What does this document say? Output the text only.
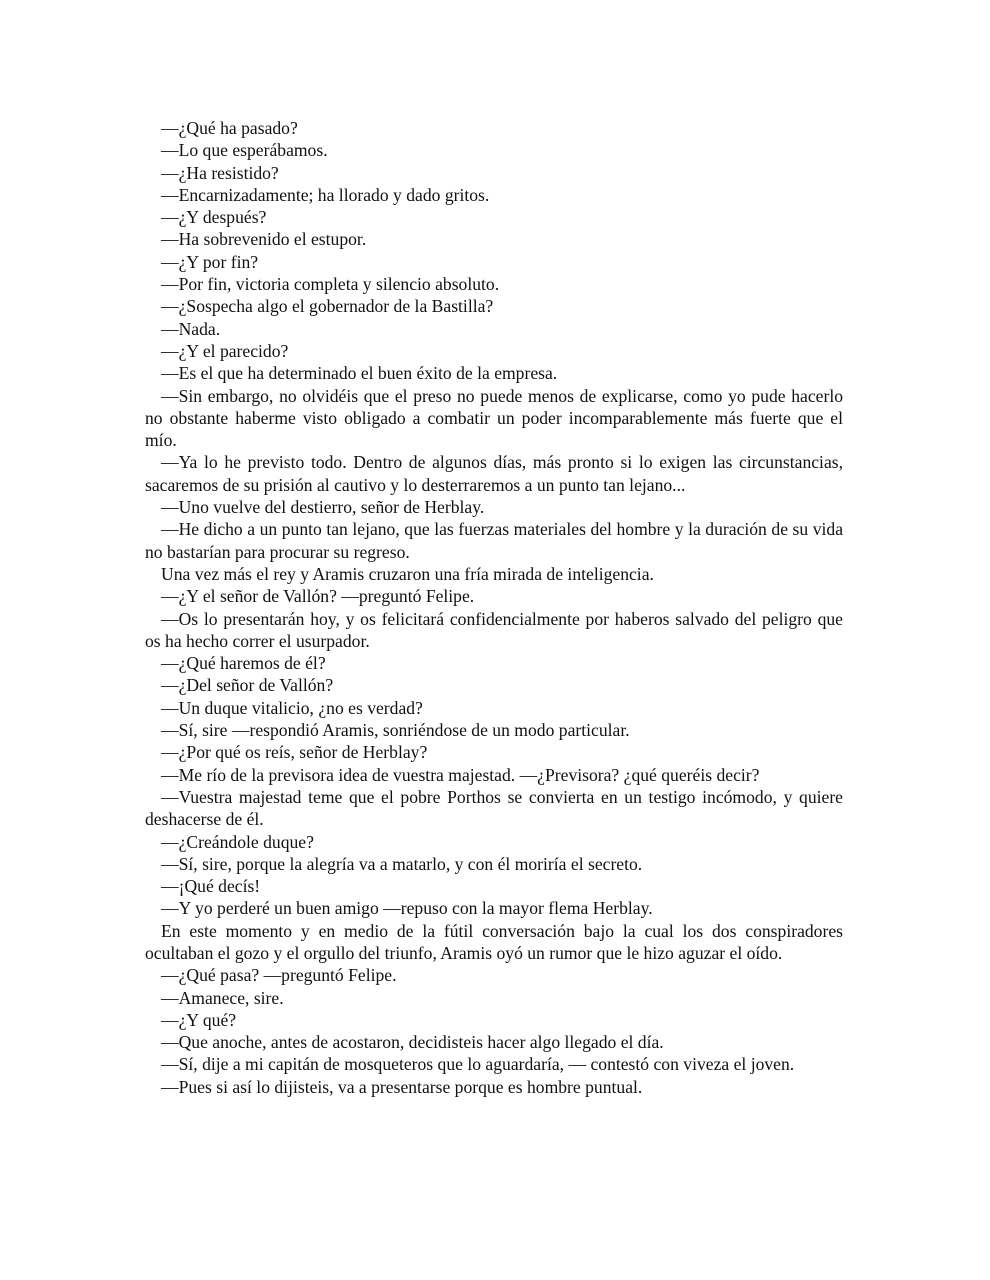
—¿Qué ha pasado?

—Lo que esperábamos.

—¿Ha resistido?

—Encarnizadamente; ha llorado y dado gritos.

—¿Y después?

—Ha sobrevenido el estupor.

—¿Y por fin?

—Por fin, victoria completa y silencio absoluto.

—¿Sospecha algo el gobernador de la Bastilla?

—Nada.

—¿Y el parecido?

—Es el que ha determinado el buen éxito de la empresa.

—Sin embargo, no olvidéis que el preso no puede menos de explicarse, como yo pude hacerlo no obstante haberme visto obligado a combatir un poder incomparablemente más fuerte que el mío.

—Ya lo he previsto todo. Dentro de algunos días, más pronto si lo exigen las circunstancias, sacaremos de su prisión al cautivo y lo desterraremos a un punto tan lejano...

—Uno vuelve del destierro, señor de Herblay.

—He dicho a un punto tan lejano, que las fuerzas materiales del hombre y la duración de su vida no bastarían para procurar su regreso.

Una vez más el rey y Aramis cruzaron una fría mirada de inteligencia.

—¿Y el señor de Vallón? —preguntó Felipe.

—Os lo presentarán hoy, y os felicitará confidencialmente por haberos salvado del peligro que os ha hecho correr el usurpador.

—¿Qué haremos de él?

—¿Del señor de Vallón?

—Un duque vitalicio, ¿no es verdad?

—Sí, sire —respondió Aramis, sonriéndose de un modo particular.

—¿Por qué os reís, señor de Herblay?

—Me río de la previsora idea de vuestra majestad. —¿Previsora? ¿qué queréis decir?

—Vuestra majestad teme que el pobre Porthos se convierta en un testigo incómodo, y quiere deshacerse de él.

—¿Creándole duque?

—Sí, sire, porque la alegría va a matarlo, y con él moriría el secreto.

—¡Qué decís!

—Y yo perderé un buen amigo —repuso con la mayor flema Herblay.

En este momento y en medio de la fútil conversación bajo la cual los dos conspiradores ocultaban el gozo y el orgullo del triunfo, Aramis oyó un rumor que le hizo aguzar el oído.

—¿Qué pasa? —preguntó Felipe.

—Amanece, sire.

—¿Y qué?

—Que anoche, antes de acostaron, decidisteis hacer algo llegado el día.

—Sí, dije a mi capitán de mosqueteros que lo aguardaría, — contestó con viveza el joven.

—Pues si así lo dijisteis, va a presentarse porque es hombre puntual.
